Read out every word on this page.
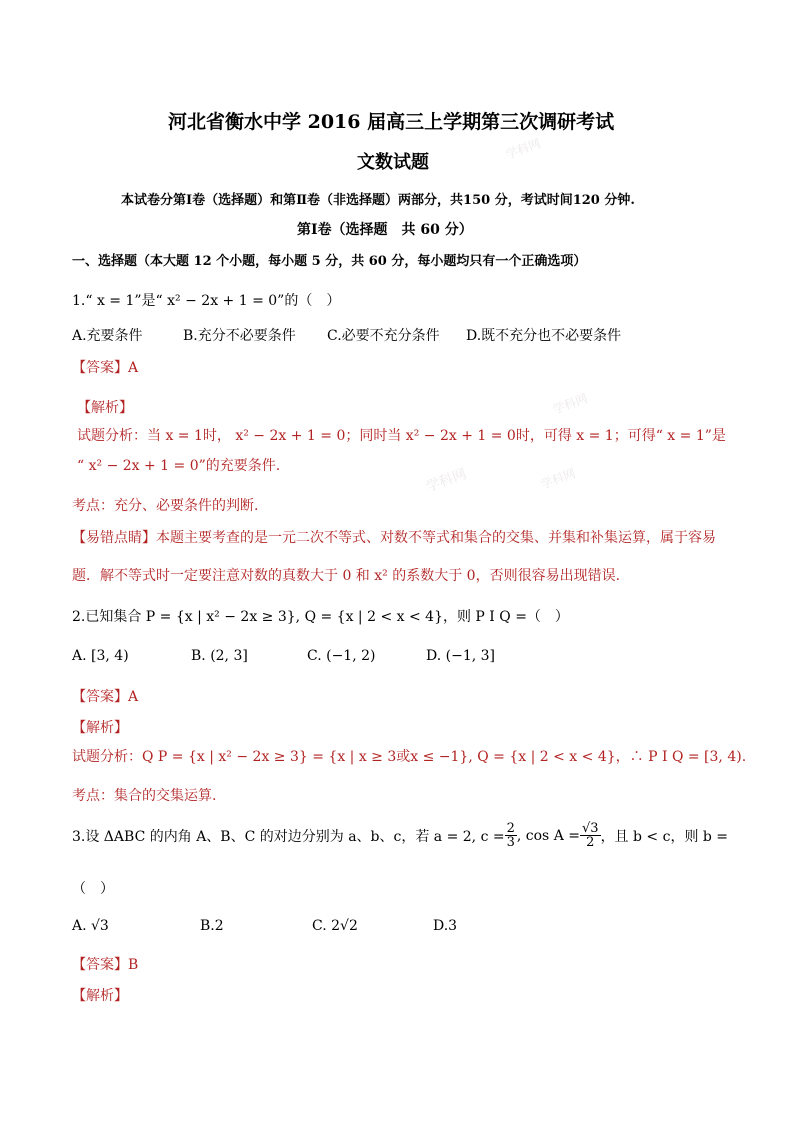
河北省衡水中学 2016 届高三上学期第三次调研考试
文数试题
本试卷分第Ⅰ卷（选择题）和第Ⅱ卷（非选择题）两部分，共150 分，考试时间120 分钟.
第Ⅰ卷（选择题　共 60 分）
一、选择题（本大题 12 个小题，每小题 5 分，共 60 分，每小题均只有一个正确选项）
1.“ x = 1”是“ x² − 2x + 1 = 0”的（　）
A.充要条件	B.充分不必要条件 C.必要不充分条件 D.既不充分也不必要条件
【答案】A
【解析】
试题分析：当 x = 1时， x² − 2x + 1 = 0；同时当 x² − 2x + 1 = 0时，可得 x = 1；可得“ x = 1”是
“ x² − 2x + 1 = 0”的充要条件.
考点：充分、必要条件的判断.
【易错点睛】本题主要考查的是一元二次不等式、对数不等式和集合的交集、并集和补集运算，属于容易
题．解不等式时一定要注意对数的真数大于 0 和 x² 的系数大于 0，否则很容易出现错误.
2.已知集合 P = {x | x² − 2x ≥ 3}, Q = {x | 2 < x < 4}，则 P I Q =（　）
A. [3, 4)	B. (2, 3]	C. (−1, 2)	D. (−1, 3]
【答案】A
【解析】
试题分析：Q P = {x | x² − 2x ≥ 3} = {x | x ≥ 3或x ≤ −1}, Q = {x | 2 < x < 4}，∴ P I Q = [3, 4).
考点：集合的交集运算.
3.设 ΔABC 的内角 A、B、C 的对边分别为 a、b、c，若 a = 2, $c = \frac{2}{3}$ , $\cos A = \frac{√3}{2}$ ，且 b < c，则 b =
（　）
A. √3	B.2	C. 2√2	D.3
【答案】B
【解析】
学科网
学科网
学科网	学科网
